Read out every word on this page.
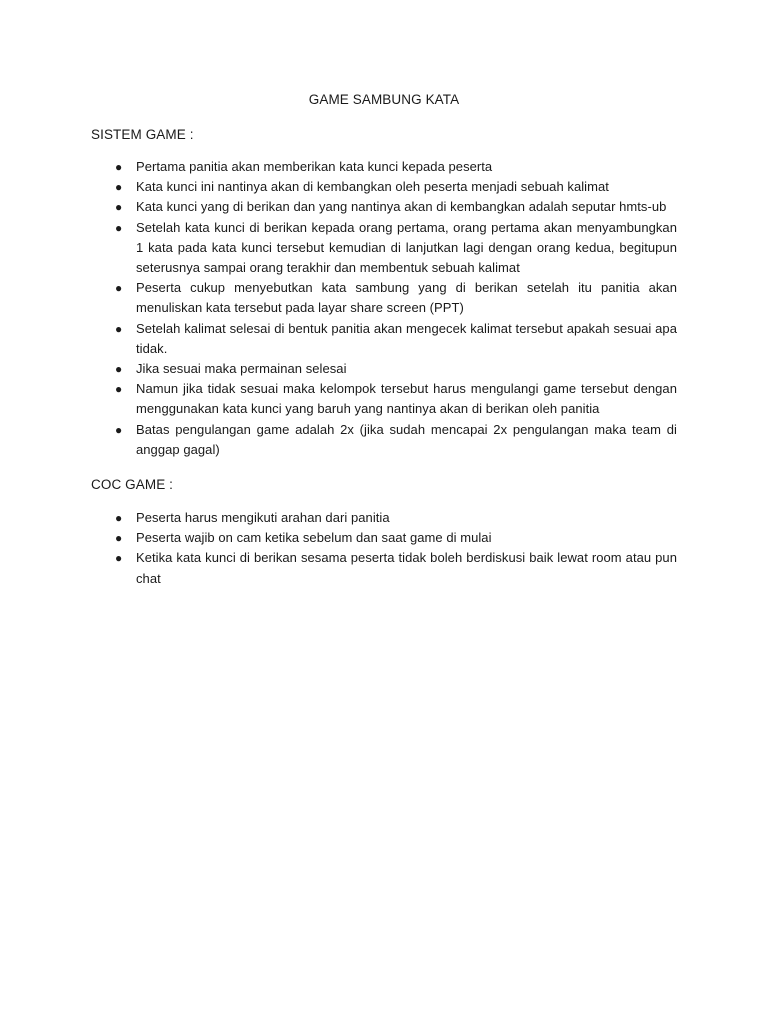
GAME SAMBUNG KATA
SISTEM GAME :
● Pertama panitia akan memberikan kata kunci kepada peserta
● Kata kunci ini nantinya akan di kembangkan oleh peserta menjadi sebuah kalimat
● Kata kunci yang di berikan dan yang nantinya akan di kembangkan adalah seputar hmts-ub
● Setelah kata kunci di berikan kepada orang pertama, orang pertama akan menyambungkan 1 kata pada kata kunci tersebut kemudian di lanjutkan lagi dengan orang kedua, begitupun seterusnya sampai orang terakhir dan membentuk sebuah kalimat
● Peserta cukup menyebutkan kata sambung yang di berikan setelah itu panitia akan menuliskan kata tersebut pada layar share screen (PPT)
● Setelah kalimat selesai di bentuk panitia akan mengecek kalimat tersebut apakah sesuai apa tidak.
● Jika sesuai maka permainan selesai
● Namun jika tidak sesuai maka kelompok tersebut harus mengulangi game tersebut dengan menggunakan kata kunci yang baruh yang nantinya akan di berikan oleh panitia
● Batas pengulangan game adalah 2x (jika sudah mencapai 2x pengulangan maka team di anggap gagal)
COC GAME :
● Peserta harus mengikuti arahan dari panitia
● Peserta wajib on cam ketika sebelum dan saat game di mulai
● Ketika kata kunci di berikan sesama peserta tidak boleh berdiskusi baik lewat room atau pun chat
